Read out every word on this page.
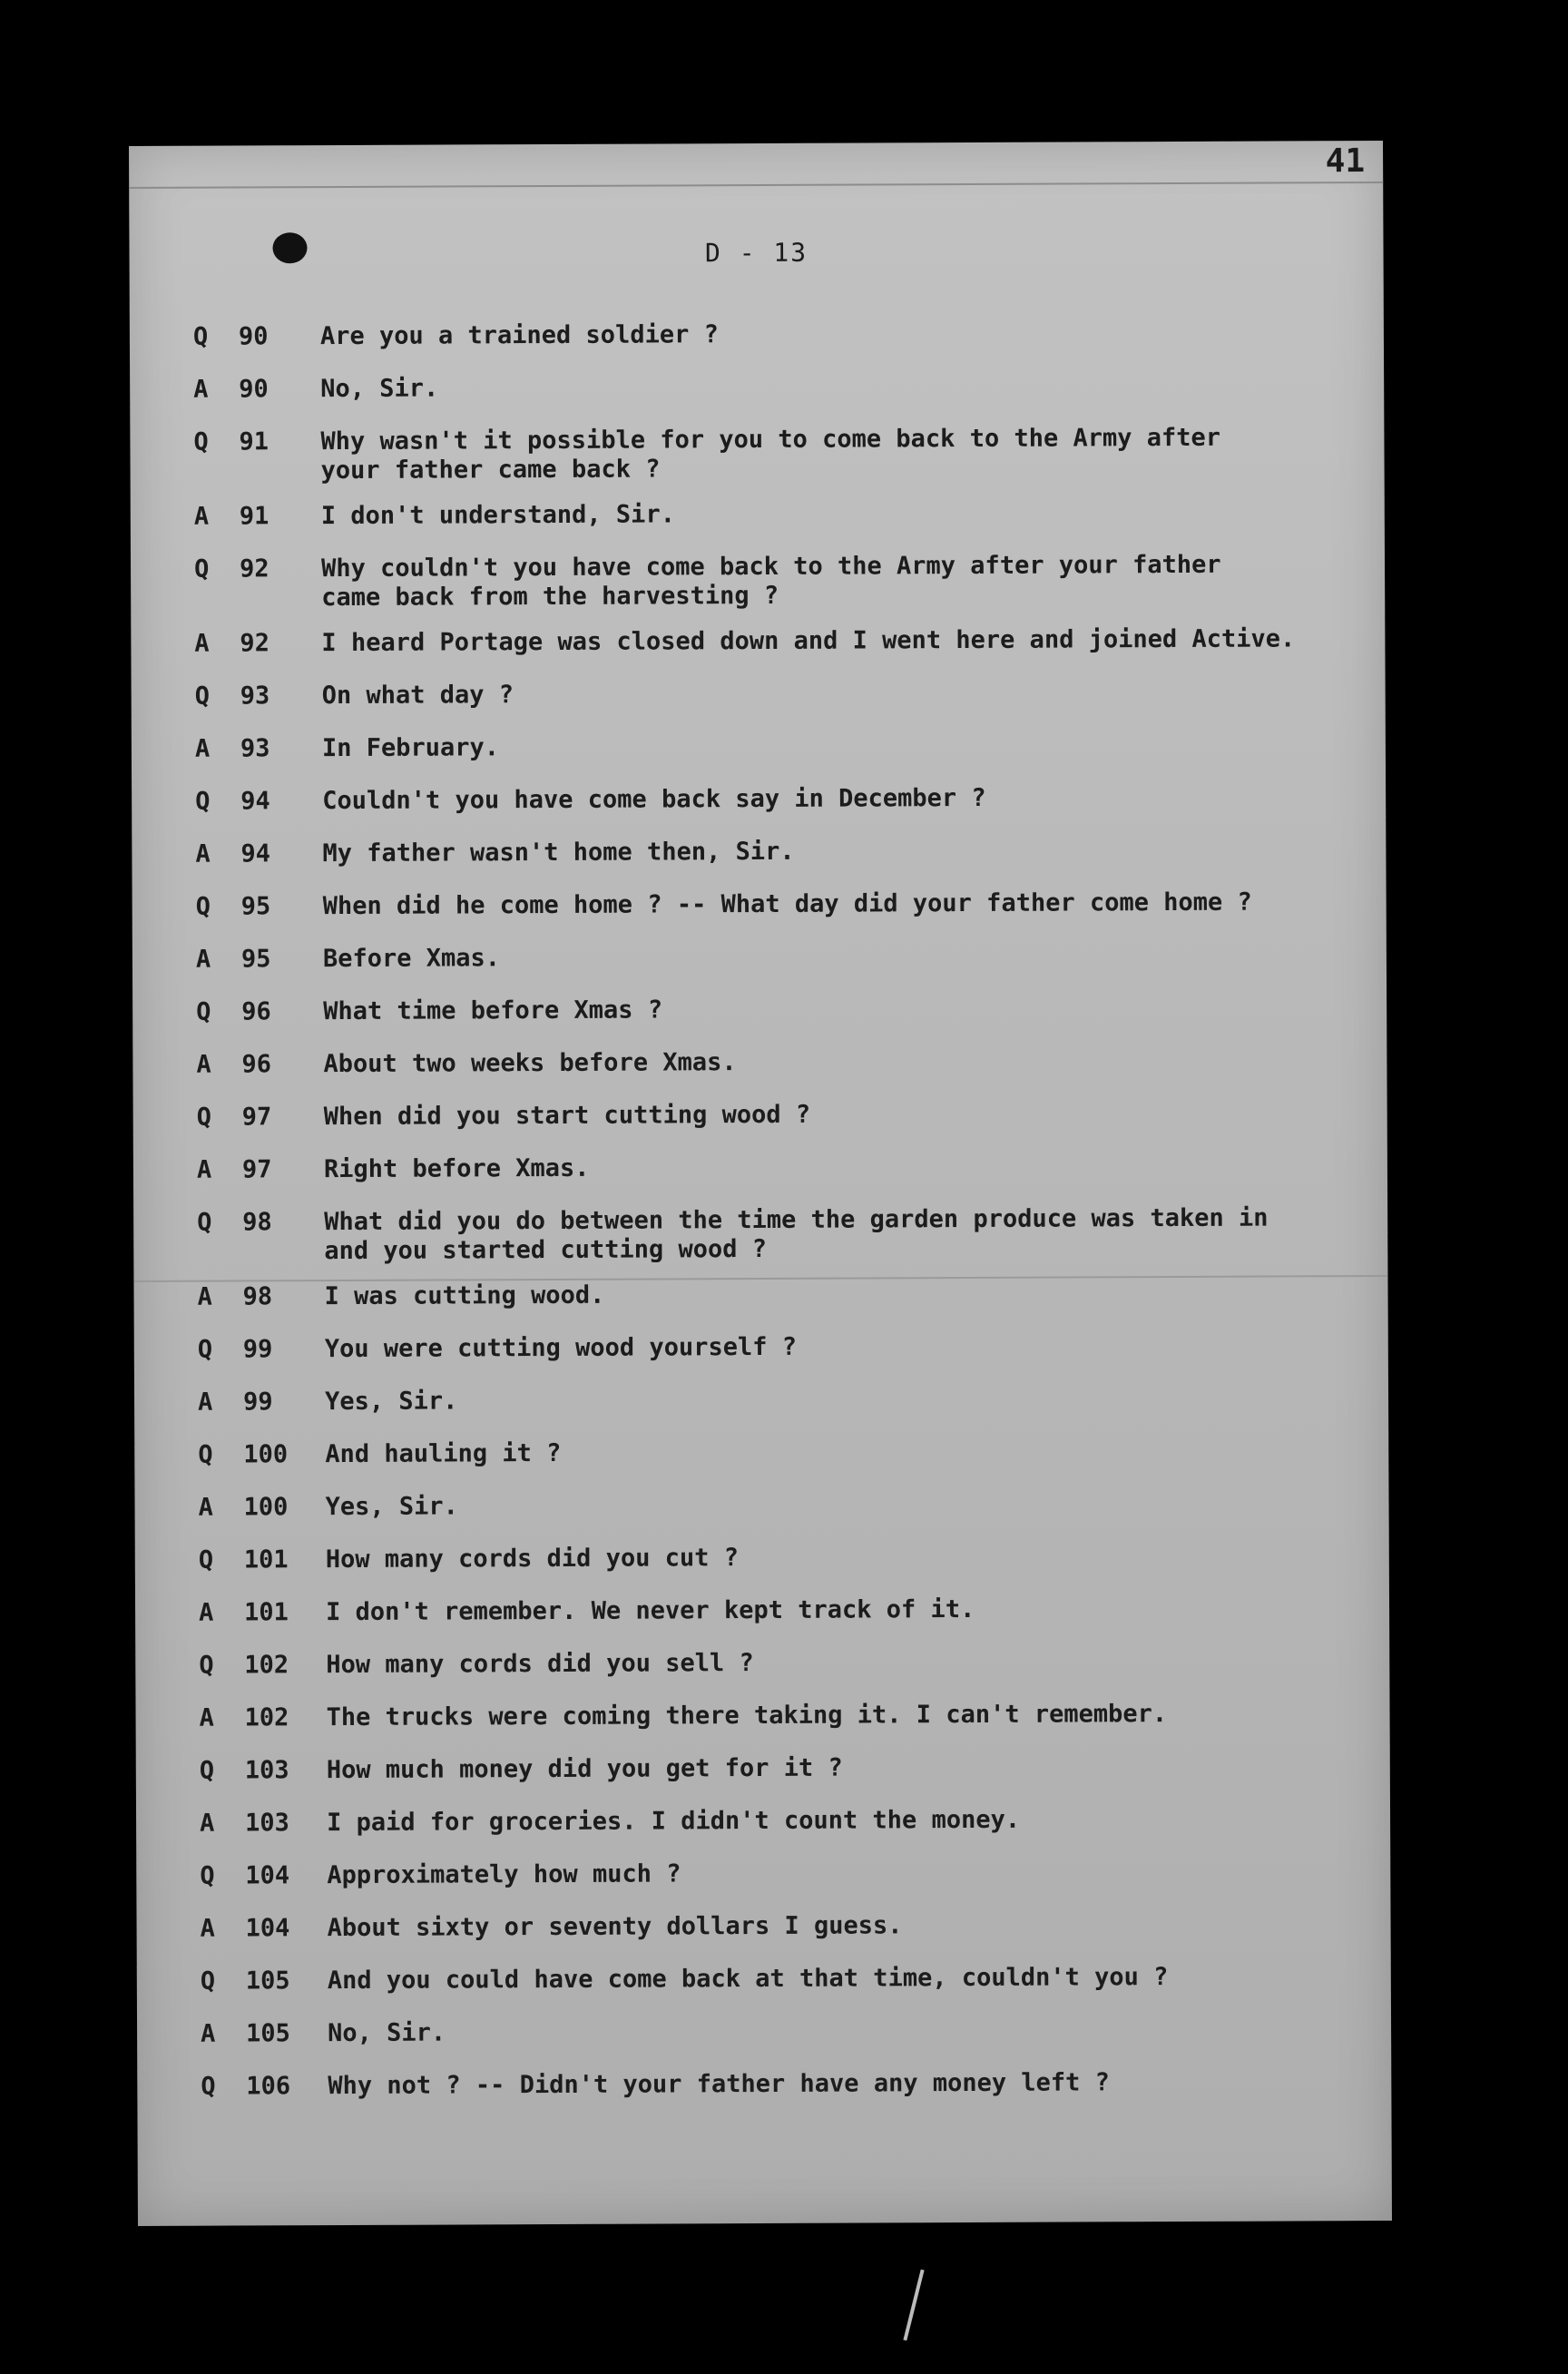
41
D - 13
Q	90	Are you a trained soldier ?
A	90	No, Sir.
Q	91	Why wasn't it possible for you to come back to the Army after
your father came back ?
A	91	I don't understand, Sir.
Q	92	Why couldn't you have come back to the Army after your father
came back from the harvesting ?
A	92	I heard Portage was closed down and I went here and joined Active.
Q	93	On what day ?
A	93	In February.
Q	94	Couldn't you have come back say in December ?
A	94	My father wasn't home then, Sir.
Q	95	When did he come home ? -- What day did your father come home ?
A	95	Before Xmas.
Q	96	What time before Xmas ?
A	96	About two weeks before Xmas.
Q	97	When did you start cutting wood ?
A	97	Right before Xmas.
Q	98	What did you do between the time the garden produce was taken in
and you started cutting wood ?
A	98	I was cutting wood.
Q	99	You were cutting wood yourself ?
A	99	Yes, Sir.
Q	100	And hauling it ?
A	100	Yes, Sir.
Q	101	How many cords did you cut ?
A	101	I don't remember. We never kept track of it.
Q	102	How many cords did you sell ?
A	102	The trucks were coming there taking it. I can't remember.
Q	103	How much money did you get for it ?
A	103	I paid for groceries. I didn't count the money.
Q	104	Approximately how much ?
A	104	About sixty or seventy dollars I guess.
Q	105	And you could have come back at that time, couldn't you ?
A	105	No, Sir.
Q	106	Why not ? -- Didn't your father have any money left ?
